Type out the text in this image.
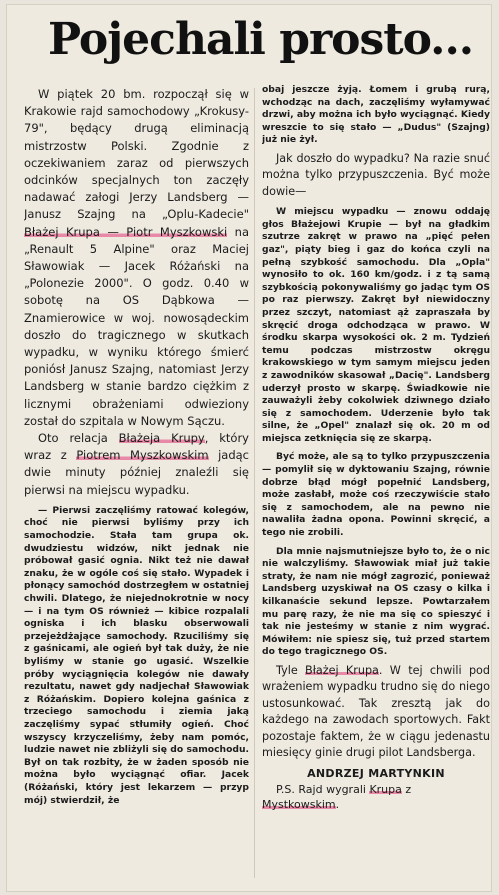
Pojechali prosto...

W piątek 20 bm. rozpoczął się w Krakowie rajd samochodowy „Krokusy-79", będący drugą eliminacją mistrzostw Polski. Zgodnie z oczekiwaniem zaraz od pierwszych odcinków specjalnych ton zaczęły nadawać załogi Jerzy Landsberg — Janusz Szajng na „Oplu-Kadecie" Błażej Krupa — Piotr Myszkowski na „Renault 5 Alpine" oraz Maciej Sławowiak — Jacek Różański na „Polonezie 2000". O godz. 0.40 w sobotę na OS Dąbkowa — Znamierowice w woj. nowosądeckim doszło do tragicznego w skutkach wypadku, w wyniku którego śmierć poniósł Janusz Szajng, natomiast Jerzy Landsberg w stanie bardzo ciężkim z licznymi obrażeniami odwieziony został do szpitala w Nowym Sączu.

Oto relacja Błażeja Krupy, który wraz z Piotrem Myszkowskim jadąc dwie minuty później znaleźli się pierwsi na miejscu wypadku.

— Pierwsi zaczęliśmy ratować kolegów, choć nie pierwsi byliśmy przy ich samochodzie. Stała tam grupa ok. dwudziestu widzów, nikt jednak nie próbował gasić ognia. Nikt też nie dawał znaku, że w ogóle coś się stało. Wypadek i płonący samochód dostrzegłem w ostatniej chwili. Dlatego, że niejednokrotnie w nocy — i na tym OS również — kibice rozpalali ogniska i ich blasku obserwowali przejeżdżające samochody. Rzuciliśmy się z gaśnicami, ale ogień był tak duży, że nie byliśmy w stanie go ugasić. Wszelkie próby wyciągnięcia kolegów nie dawały rezultatu, nawet gdy nadjechał Sławowiak z Różańskim. Dopiero kolejna gaśnica z trzeciego samochodu i ziemia jaką zaczęliśmy sypać stłumiły ogień. Choć wszyscy krzyczeliśmy, żeby nam pomóc, ludzie nawet nie zbliżyli się do samochodu. Był on tak rozbity, że w żaden sposób nie można było wyciągnąć ofiar. Jacek (Różański, który jest lekarzem — przyp mój) stwierdził, że

obaj jeszcze żyją. Łomem i grubą rurą, wchodząc na dach, zaczęliśmy wyłamywać drzwi, aby można ich było wyciągnąć. Kiedy wreszcie to się stało — „Dudus" (Szajng) już nie żył.

Jak doszło do wypadku? Na razie snuć można tylko przypuszczenia. Być może dowie—

W miejscu wypadku — znowu oddaję głos Błażejowi Krupie — był na gładkim szutrze zakręt w prawo na „pięć pełen gaz", piąty bieg i gaz do końca czyli na pełną szybkość samochodu. Dla „Opla" wynosiło to ok. 160 km/godz. i z tą samą szybkością pokonywaliśmy go jadąc tym OS po raz pierwszy. Zakręt był niewidoczny przez szczyt, natomiast ąż zapraszała by skręcić droga odchodząca w prawo. W środku skarpa wysokości ok. 2 m. Tydzień temu podczas mistrzostw okręgu krakowskiego w tym samym miejscu jeden z zawodników skasował „Dacię". Landsberg uderzył prosto w skarpę. Świadkowie nie zauważyli żeby cokolwiek dziwnego działo się z samochodem. Uderzenie było tak silne, że „Opel" znalazł się ok. 20 m od miejsca zetknięcia się ze skarpą.

Być może, ale są to tylko przypuszczenia — pomylił się w dyktowaniu Szajng, równie dobrze błąd mógł popełnić Landsberg, może zasłabł, może coś rzeczywiście stało się z samochodem, ale na pewno nie nawaliła żadna opona. Powinni skręcić, a tego nie zrobili.

Dla mnie najsmutniejsze było to, że o nic nie walczyliśmy. Sławowiak miał już takie straty, że nam nie mógł zagrozić, ponieważ Landsberg uzyskiwał na OS czasy o kilka i kilkanaście sekund lepsze. Powtarzałem mu parę razy, że nie ma się co spieszyć i tak nie jesteśmy w stanie z nim wygrać. Mówiłem: nie spiesz się, tuż przed startem do tego tragicznego OS.

Tyle Błażej Krupa. W tej chwili pod wrażeniem wypadku trudno się do niego ustosunkować. Tak zresztą jak do każdego na zawodach sportowych. Fakt pozostaje faktem, że w ciągu jedenastu miesięcy ginie drugi pilot Landsberga.

ANDRZEJ MARTYNKIN

P.S. Rajd wygrali Krupa z Mystkowskim.
